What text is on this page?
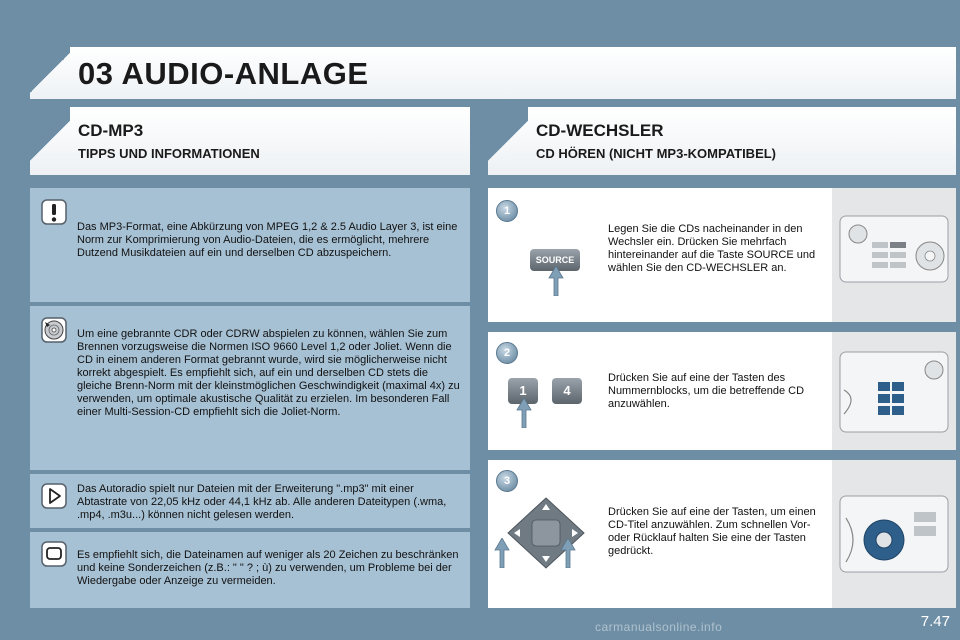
03 AUDIO-ANLAGE
CD-MP3
TIPPS UND INFORMATIONEN
CD-WECHSLER
CD HÖREN (NICHT MP3-KOMPATIBEL)
Das MP3-Format, eine Abkürzung von MPEG 1,2 & 2.5 Audio Layer 3, ist eine Norm zur Komprimierung von Audio-Dateien, die es ermöglicht, mehrere Dutzend Musikdateien auf ein und derselben CD abzuspeichern.
Um eine gebrannte CDR oder CDRW abspielen zu können, wählen Sie zum Brennen vorzugsweise die Normen ISO 9660 Level 1,2 oder Joliet. Wenn die CD in einem anderen Format gebrannt wurde, wird sie möglicherweise nicht korrekt abgespielt. Es empfiehlt sich, auf ein und derselben CD stets die gleiche Brenn-Norm mit der kleinstmöglichen Geschwindigkeit (maximal 4x) zu verwenden, um optimale akustische Qualität zu erzielen. Im besonderen Fall einer Multi-Session-CD empfiehlt sich die Joliet-Norm.
Das Autoradio spielt nur Dateien mit der Erweiterung ".mp3" mit einer Abtastrate von 22,05 kHz oder 44,1 kHz ab. Alle anderen Dateitypen (.wma, .mp4, .m3u...) können nicht gelesen werden.
Es empfiehlt sich, die Dateinamen auf weniger als 20 Zeichen zu beschränken und keine Sonderzeichen (z.B.: " " ? ; ù) zu verwenden, um Probleme bei der Wiedergabe oder Anzeige zu vermeiden.
Legen Sie die CDs nacheinander in den Wechsler ein. Drücken Sie mehrfach hintereinander auf die Taste SOURCE und wählen Sie den CD-WECHSLER an.
SOURCE
1
Drücken Sie auf eine der Tasten des Nummernblocks, um die betreffende CD anzuwählen.
1	4
2
Drücken Sie auf eine der Tasten, um einen CD-Titel anzuwählen. Zum schnellen Vor- oder Rücklauf halten Sie eine der Tasten gedrückt.
3
7.47
carmanualsonline.info
